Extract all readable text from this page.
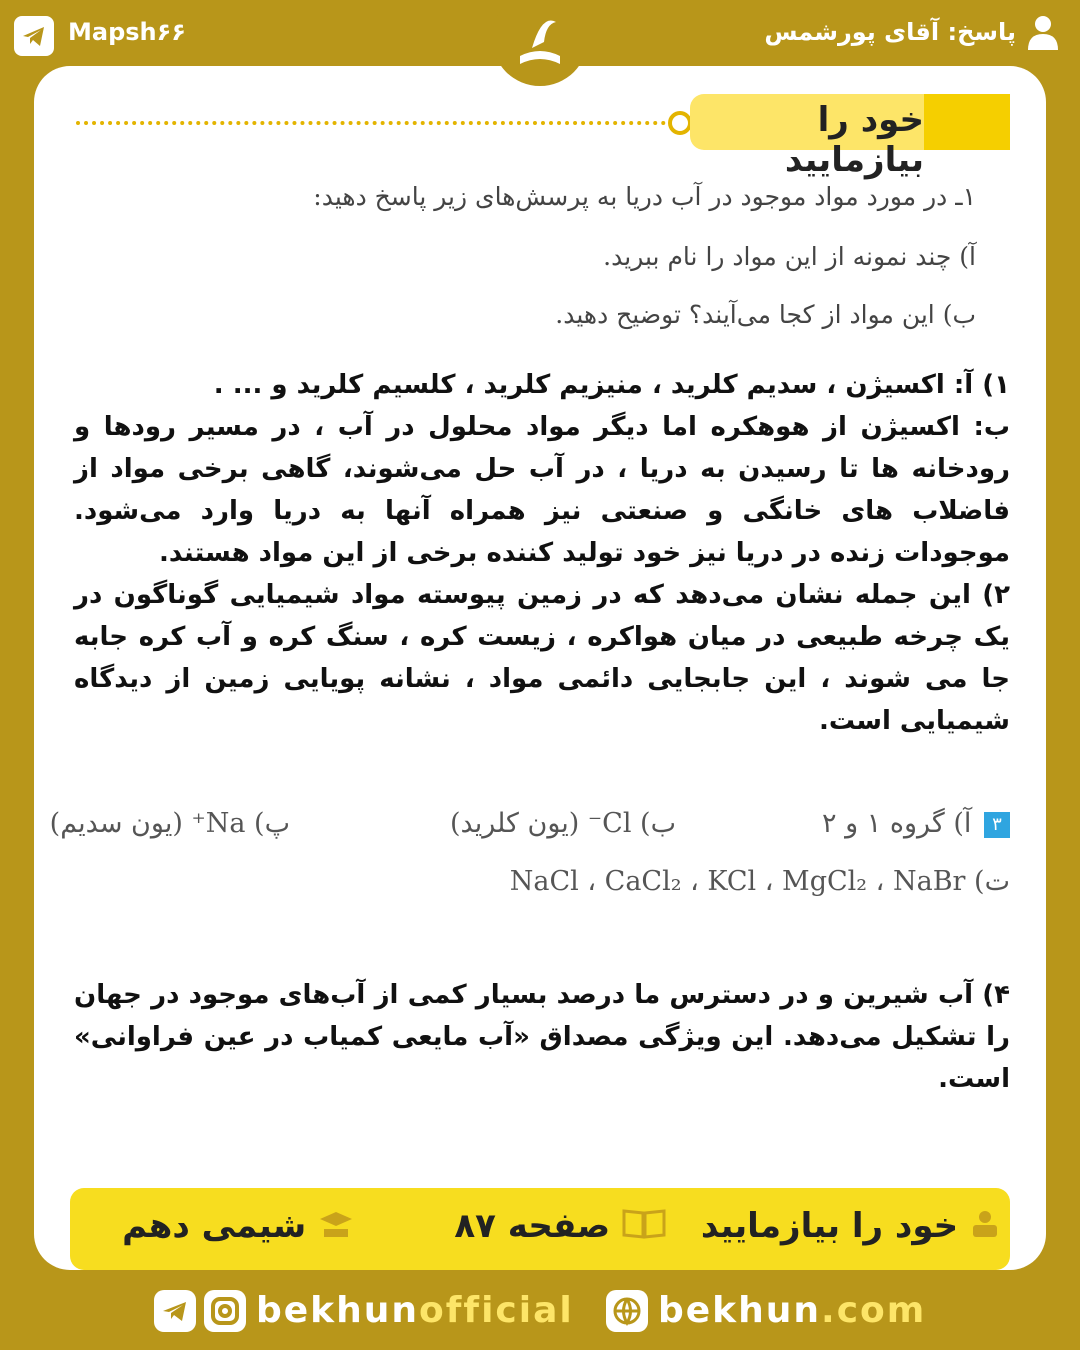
Mapsh۶۶	پاسخ: آقای پورشمس
خود را بیازمایید
۱ـ در مورد مواد موجود در آب دریا به پرسش‌های زیر پاسخ دهید:
آ) چند نمونه از این مواد را نام ببرید.
ب) این مواد از کجا می‌آیند؟ توضیح دهید.

۱) آ: اکسیژن ، سدیم کلرید ، منیزیم کلرید ، کلسیم کلرید و ... .

ب: اکسیژن از هوهکره اما دیگر مواد محلول در آب ، در مسیر رودها و رودخانه ها تا رسیدن به دریا ، در آب حل می‌شوند، گاهی برخی مواد از فاضلاب های خانگی و صنعتی نیز همراه آنها به دریا وارد می‌شود. موجودات زنده در دریا نیز خود تولید کننده برخی از این مواد هستند.

۲) این جمله نشان می‌دهد که در زمین پیوسته مواد شیمیایی گوناگون در یک چرخه طبیعی در میان هواکره ، زیست کره ، سنگ کره و آب کره جابه جا می شوند ، این جابجایی دائمی مواد ، نشانه پویایی زمین از دیدگاه شیمیایی است.

۳ آ) گروه ۱ و ۲
ب) Cl⁻ (یون کلرید)
پ) Na⁺ (یون سدیم)
ت) NaCl ، CaCl₂ ، KCl ، MgCl₂ ، NaBr

۴) آب شیرین و در دسترس ما درصد بسیار کمی از آب‌های موجود در جهان را تشکیل می‌دهد. این ویژگی مصداق «آب مایعی کمیاب در عین فراوانی» است.

خود را بیازمایید
صفحه ۸۷
شیمی دهم
bekhunofficial bekhun.com
